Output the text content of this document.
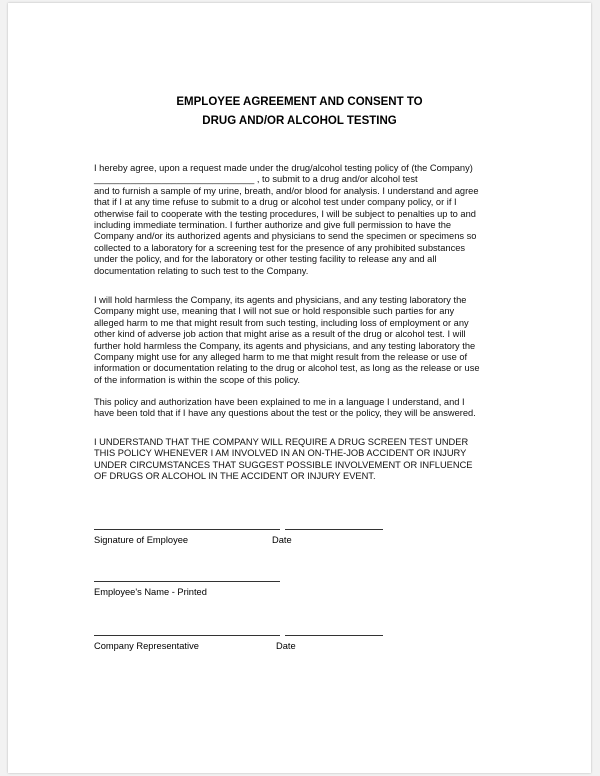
EMPLOYEE AGREEMENT AND CONSENT TO
DRUG AND/OR ALCOHOL TESTING
I hereby agree, upon a request made under the drug/alcohol testing policy of (the Company)
_______________________________ , to submit to a drug and/or alcohol test
and to furnish a sample of my urine, breath, and/or blood for analysis. I understand and agree
that if I at any time refuse to submit to a drug or alcohol test under company policy, or if I
otherwise fail to cooperate with the testing procedures, I will be subject to penalties up to and
including immediate termination. I further authorize and give full permission to have the
Company and/or its authorized agents and physicians to send the specimen or specimens so
collected to a laboratory for a screening test for the presence of any prohibited substances
under the policy, and for the laboratory or other testing facility to release any and all
documentation relating to such test to the Company.
I will hold harmless the Company, its agents and physicians, and any testing laboratory the
Company might use, meaning that I will not sue or hold responsible such parties for any
alleged harm to me that might result from such testing, including loss of employment or any
other kind of adverse job action that might arise as a result of the drug or alcohol test. I will
further hold harmless the Company, its agents and physicians, and any testing laboratory the
Company might use for any alleged harm to me that might result from the release or use of
information or documentation relating to the drug or alcohol test, as long as the release or use
of the information is within the scope of this policy.
This policy and authorization have been explained to me in a language I understand, and I
have been told that if I have any questions about the test or the policy, they will be answered.
I UNDERSTAND THAT THE COMPANY WILL REQUIRE A DRUG SCREEN TEST UNDER
THIS POLICY WHENEVER I AM INVOLVED IN AN ON-THE-JOB ACCIDENT OR INJURY
UNDER CIRCUMSTANCES THAT SUGGEST POSSIBLE INVOLVEMENT OR INFLUENCE
OF DRUGS OR ALCOHOL IN THE ACCIDENT OR INJURY EVENT.
Signature of Employee	Date
Employee's Name - Printed
Company Representative	Date
